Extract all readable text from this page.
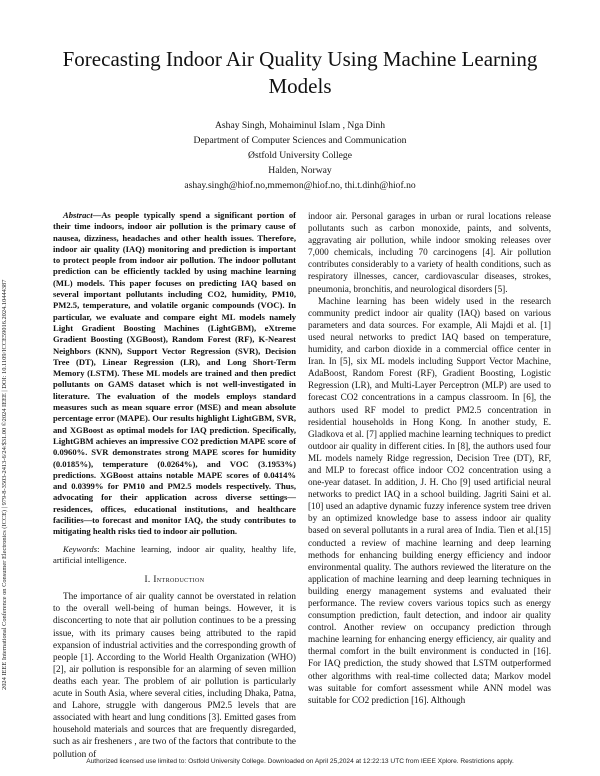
Forecasting Indoor Air Quality Using Machine Learning Models
Ashay Singh, Mohaiminul Islam , Nga Dinh
Department of Computer Sciences and Communication
Østfold University College
Halden, Norway
ashay.singh@hiof.no,mmemon@hiof.no, thi.t.dinh@hiof.no
2024 IEEE International Conference on Consumer Electronics (ICCE) | 979-8-3503-2413-6/24/$31.00 ©2024 IEEE | DOI: 10.1109/ICCE59016.2024.10444387

Abstract—As people typically spend a significant portion of their time indoors, indoor air pollution is the primary cause of nausea, dizziness, headaches and other health issues. Therefore, indoor air quality (IAQ) monitoring and prediction is important to protect people from indoor air pollution. The indoor pollutant prediction can be efficiently tackled by using machine learning (ML) models. This paper focuses on predicting IAQ based on several important pollutants including CO2, humidity, PM10, PM2.5, temperature, and volatile organic compounds (VOC). In particular, we evaluate and compare eight ML models namely Light Gradient Boosting Machines (LightGBM), eXtreme Gradient Boosting (XGBoost), Random Forest (RF), K-Nearest Neighbors (KNN), Support Vector Regression (SVR), Decision Tree (DT), Linear Regression (LR), and Long Short-Term Memory (LSTM). These ML models are trained and then predict pollutants on GAMS dataset which is not well-investigated in literature. The evaluation of the models employs standard measures such as mean square error (MSE) and mean absolute percentage error (MAPE). Our results highlight LightGBM, SVR, and XGBoost as optimal models for IAQ prediction. Specifically, LightGBM achieves an impressive CO2 prediction MAPE score of 0.0960%. SVR demonstrates strong MAPE scores for humidity (0.0185%), temperature (0.0264%), and VOC (3.1953%) predictions. XGBoost attains notable MAPE scores of 0.0414% and 0.0399% for PM10 and PM2.5 models respectively. Thus, advocating for their application across diverse settings—residences, offices, educational institutions, and healthcare facilities—to forecast and monitor IAQ, the study contributes to mitigating health risks tied to indoor air pollution.

Keywords: Machine learning, indoor air quality, healthy life, artificial intelligence.

I. Introduction

The importance of air quality cannot be overstated in relation to the overall well-being of human beings. However, it is disconcerting to note that air pollution continues to be a pressing issue, with its primary causes being attributed to the rapid expansion of industrial activities and the corresponding growth of people [1]. According to the World Health Organization (WHO) [2], air pollution is responsible for an alarming of seven million deaths each year. The problem of air pollution is particularly acute in South Asia, where several cities, including Dhaka, Patna, and Lahore, struggle with dangerous PM2.5 levels that are associated with heart and lung conditions [3]. Emitted gases from household materials and sources that are frequently disregarded, such as air fresheners , are two of the factors that contribute to the pollution of

indoor air. Personal garages in urban or rural locations release pollutants such as carbon monoxide, paints, and solvents, aggravating air pollution, while indoor smoking releases over 7,000 chemicals, including 70 carcinogens [4]. Air pollution contributes considerably to a variety of health conditions, such as respiratory illnesses, cancer, cardiovascular diseases, strokes, pneumonia, bronchitis, and neurological disorders [5].

Machine learning has been widely used in the research community predict indoor air quality (IAQ) based on various parameters and data sources. For example, Ali Majdi et al. [1] used neural networks to predict IAQ based on temperature, humidity, and carbon dioxide in a commercial office center in Iran. In [5], six ML models including Support Vector Machine, AdaBoost, Random Forest (RF), Gradient Boosting, Logistic Regression (LR), and Multi-Layer Perceptron (MLP) are used to forecast CO2 concentrations in a campus classroom. In [6], the authors used RF model to predict PM2.5 concentration in residential households in Hong Kong. In another study, E. Gladkova et al. [7] applied machine learning techniques to predict outdoor air quality in different cities. In [8], the authors used four ML models namely Ridge regression, Decision Tree (DT), RF, and MLP to forecast office indoor CO2 concentration using a one-year dataset. In addition, J. H. Cho [9] used artificial neural networks to predict IAQ in a school building. Jagriti Saini et al. [10] used an adaptive dynamic fuzzy inference system tree driven by an optimized knowledge base to assess indoor air quality based on several pollutants in a rural area of India. Tien et al.[15] conducted a review of machine learning and deep learning methods for enhancing building energy efficiency and indoor environmental quality. The authors reviewed the literature on the application of machine learning and deep learning techniques in building energy management systems and evaluated their performance. The review covers various topics such as energy consumption prediction, fault detection, and indoor air quality control. Another review on occupancy prediction through machine learning for enhancing energy efficiency, air quality and thermal comfort in the built environment is conducted in [16]. For IAQ prediction, the study showed that LSTM outperformed other algorithms with real-time collected data; Markov model was suitable for comfort assessment while ANN model was suitable for CO2 prediction [16]. Although

Authorized licensed use limited to: Ostfold University College. Downloaded on April 25,2024 at 12:22:13 UTC from IEEE Xplore. Restrictions apply.
